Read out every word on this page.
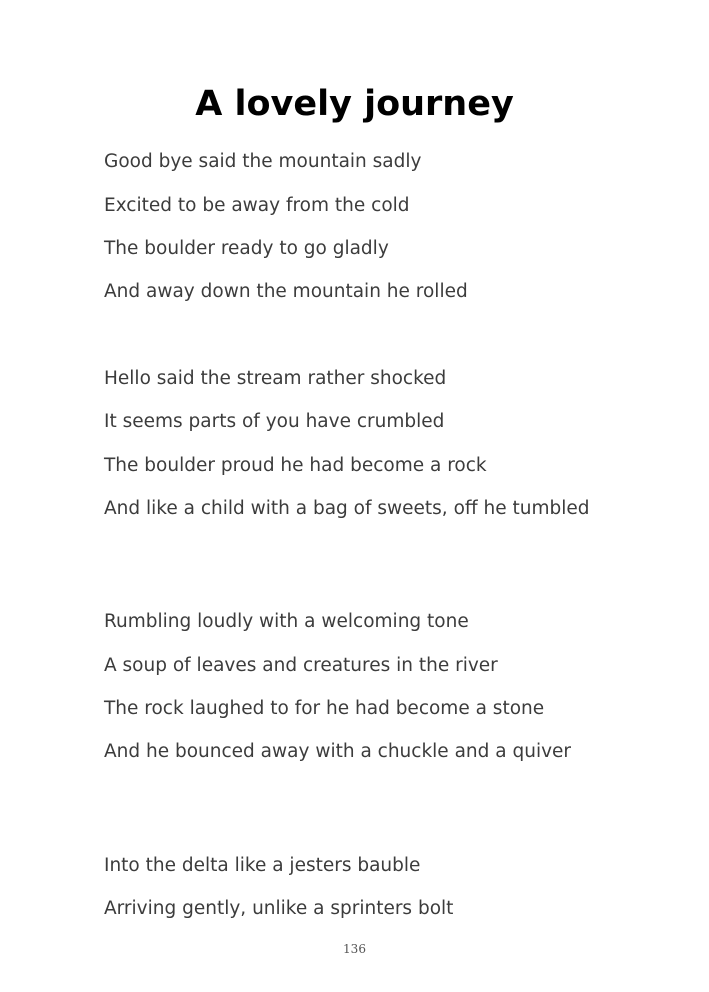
A lovely journey

Good bye said the mountain sadly

Excited to be away from the cold

The boulder ready to go gladly

And away down the mountain he rolled

Hello said the stream rather shocked

It seems parts of you have crumbled

The boulder proud he had become a rock

And like a child with a bag of sweets, off he tumbled

Rumbling loudly with a welcoming tone

A soup of leaves and creatures in the river

The rock laughed to for he had become a stone

And he bounced away with a chuckle and a quiver

Into the delta like a jesters bauble

Arriving gently, unlike a sprinters bolt

136
